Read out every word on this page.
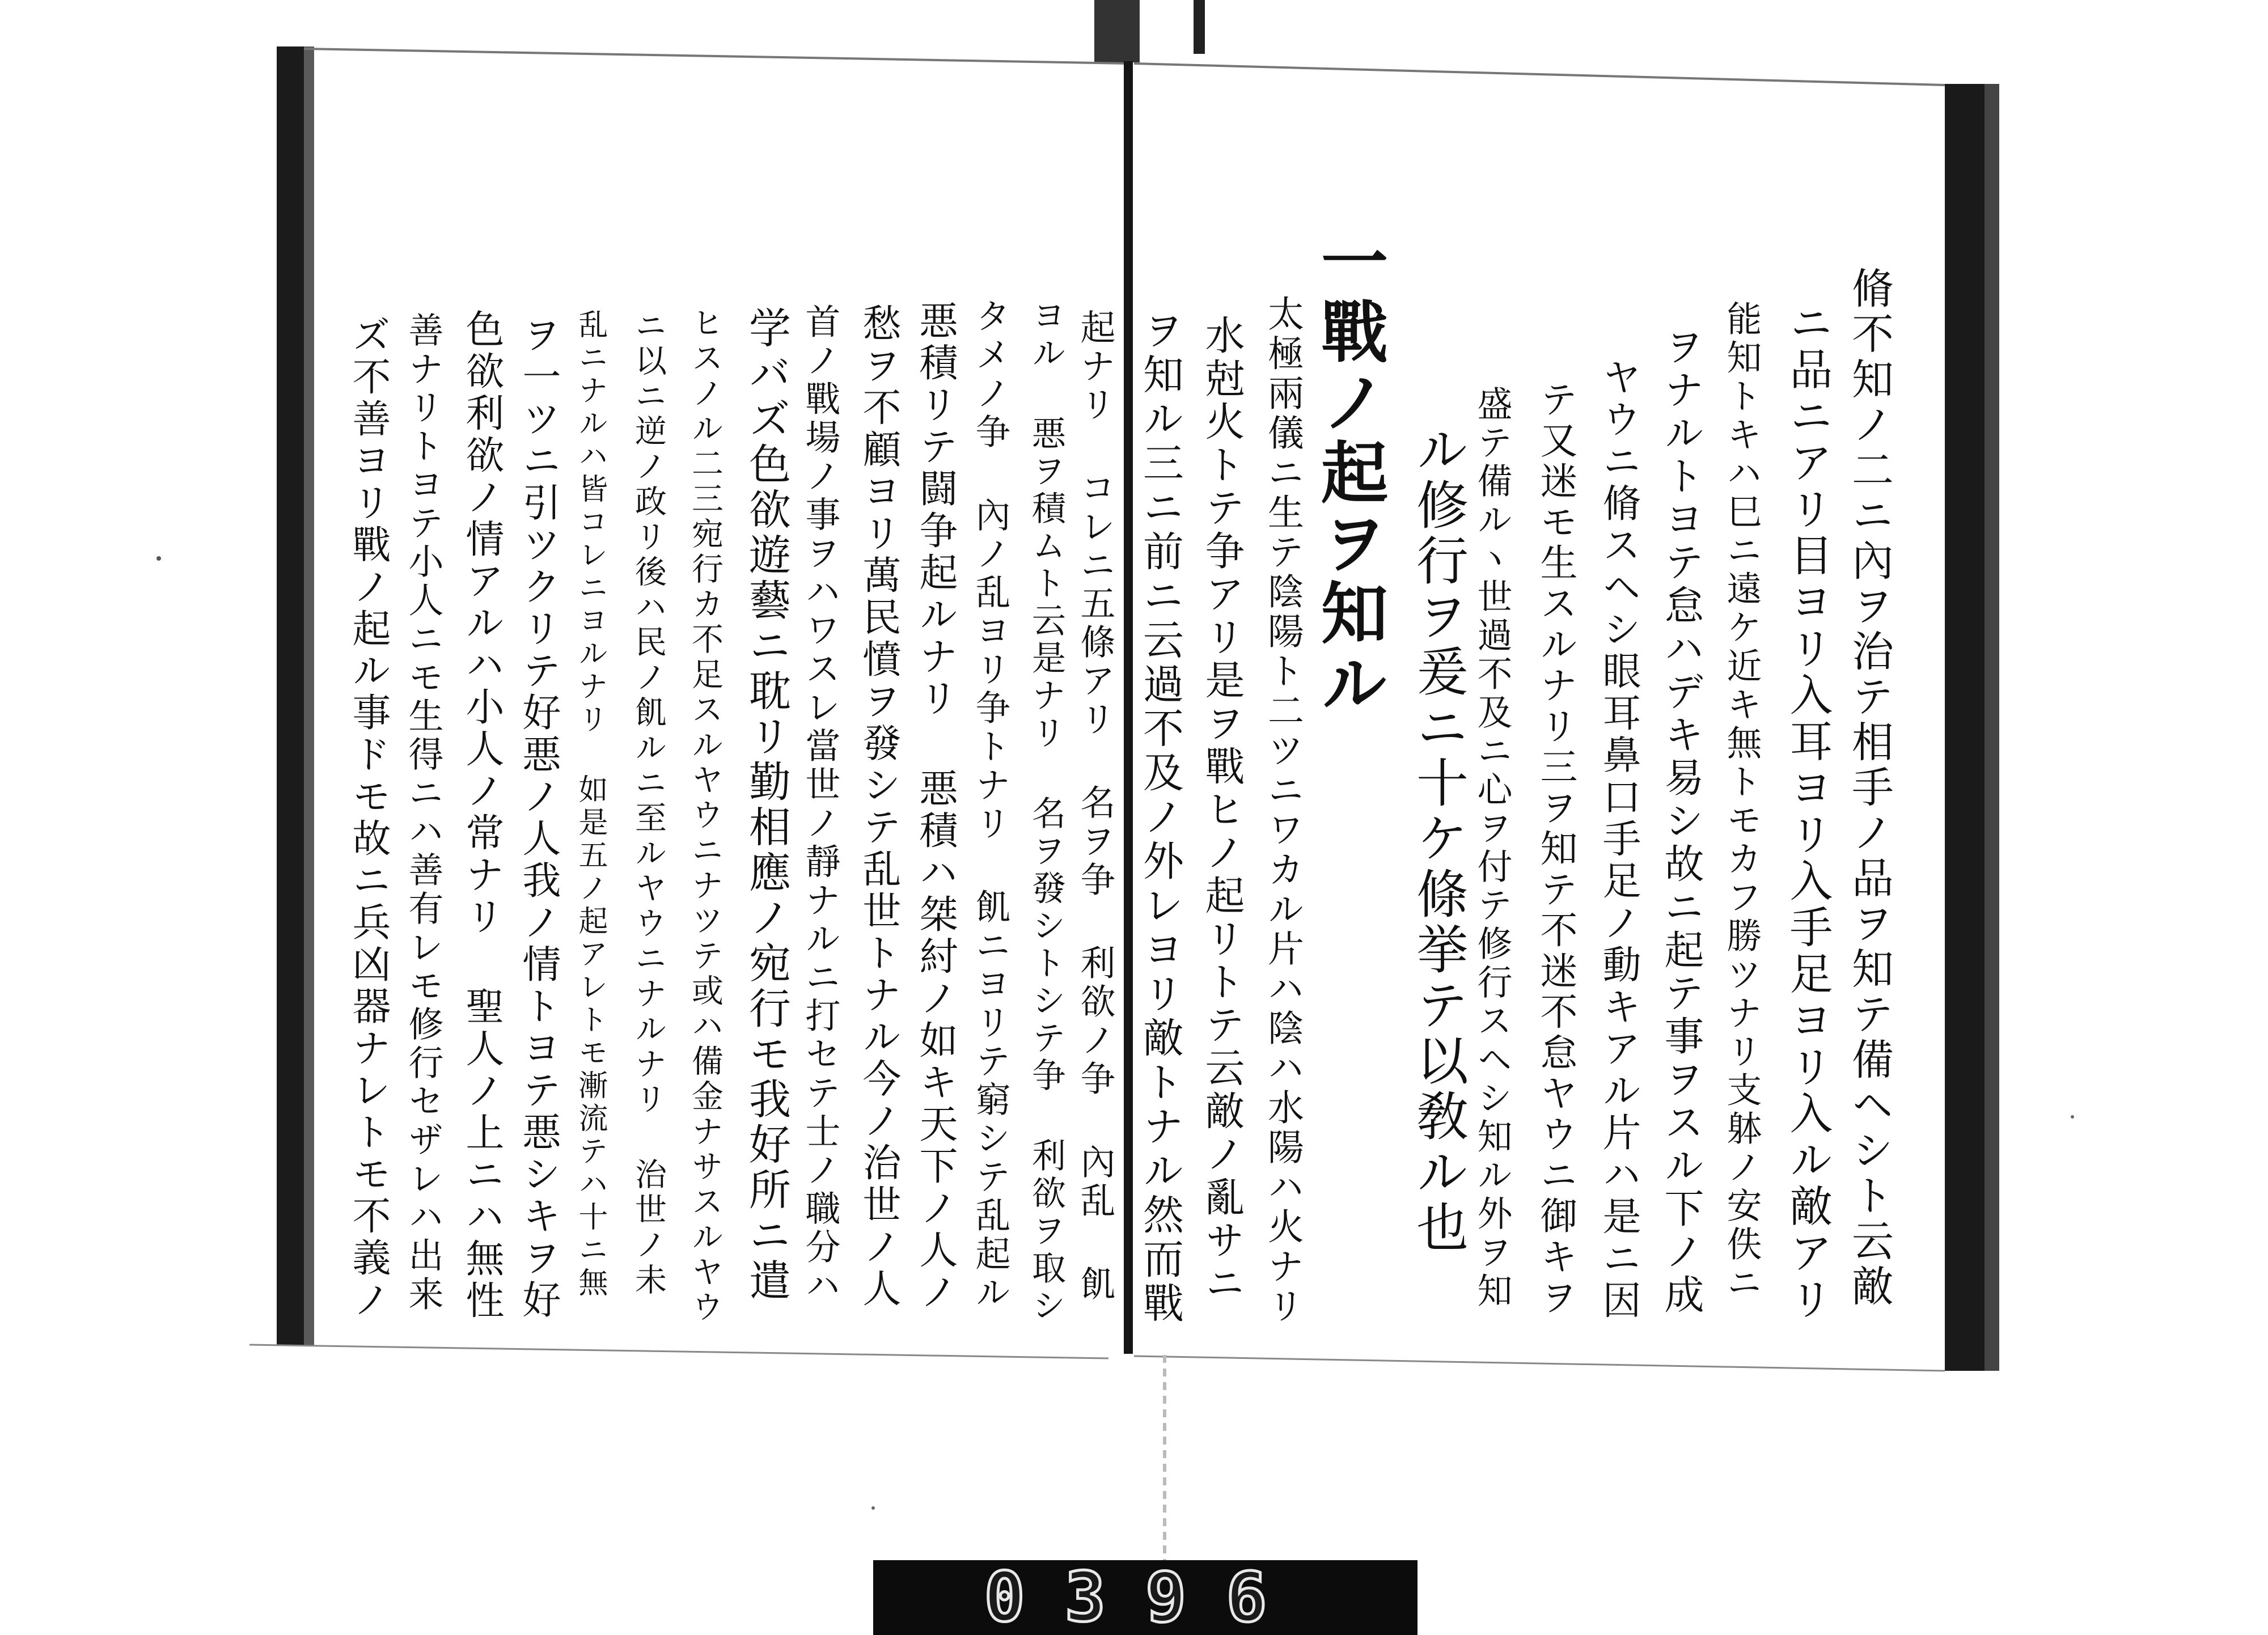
脩不知ノ二ニ內ヲ治テ相手ノ品ヲ知テ備ヘシト云敵
ニ品ニアリ目ヨリ入耳ヨリ入手足ヨリ入ル敵アリ
能知トキハ巳ニ遠ケ近キ無トモカフ勝ツナリ支躰ノ安佚ニ
ヲナルトヨテ怠ハデキ易シ故ニ起テ事ヲスル下ノ成
ヤウニ脩スヘシ眼耳鼻口手足ノ動キアル片ハ是ニ因
テ又迷モ生スルナリ三ヲ知テ不迷不怠ヤウニ御キヲ
盛テ備ルヽ世過不及ニ心ヲ付テ修行スヘシ知ル外ヲ知
ル修行ヲ爰ニ十ケ條挙テ以敎ル也
一戰ノ起ヲ知ル
太極兩儀ニ生テ陰陽ト二ツニワカル片ハ陰ハ水陽ハ火ナリ
水尅火トテ争アリ是ヲ戰ヒノ起リトテ云敵ノ亂サニ
ヲ知ル三ニ前ニ云過不及ノ外レヨリ敵トナル然而戰
起ナリ コレニ五條アリ 名ヲ争 利欲ノ争 內乱 飢
ヨル 悪ヲ積ムト云是ナリ 名ヲ發シトシテ争 利欲ヲ取シ
タメノ争 內ノ乱ヨリ争トナリ 飢ニヨリテ窮シテ乱起ル
悪積リテ闘争起ルナリ 悪積ハ桀紂ノ如キ天下ノ人ノ
愁ヲ不顧ヨリ萬民憤ヲ發シテ乱世トナル今ノ治世ノ人
首ノ戰場ノ事ヲハワスレ當世ノ靜ナルニ打セテ士ノ職分ハ
学バズ色欲遊藝ニ耽リ勤相應ノ宛行モ我好所ニ遣
ヒスノル二三宛行カ不足スルヤウニナツテ或ハ備金ナサスルヤウ
ニ以ニ逆ノ政リ後ハ民ノ飢ルニ至ルヤウニナルナリ 治世ノ未
乱ニナルハ皆コレニヨルナリ 如是五ノ起アレトモ漸流テハ十ニ無
ヲ一ツニ引ツクリテ好悪ノ人我ノ情トヨテ悪シキヲ好
色欲利欲ノ情アルハ小人ノ常ナリ 聖人ノ上ニハ無性
善ナリトヨテ小人ニモ生得ニハ善有レモ修行セザレハ出来
ズ不善ヨリ戰ノ起ル事ドモ故ニ兵凶器ナレトモ不義ノ
0396
